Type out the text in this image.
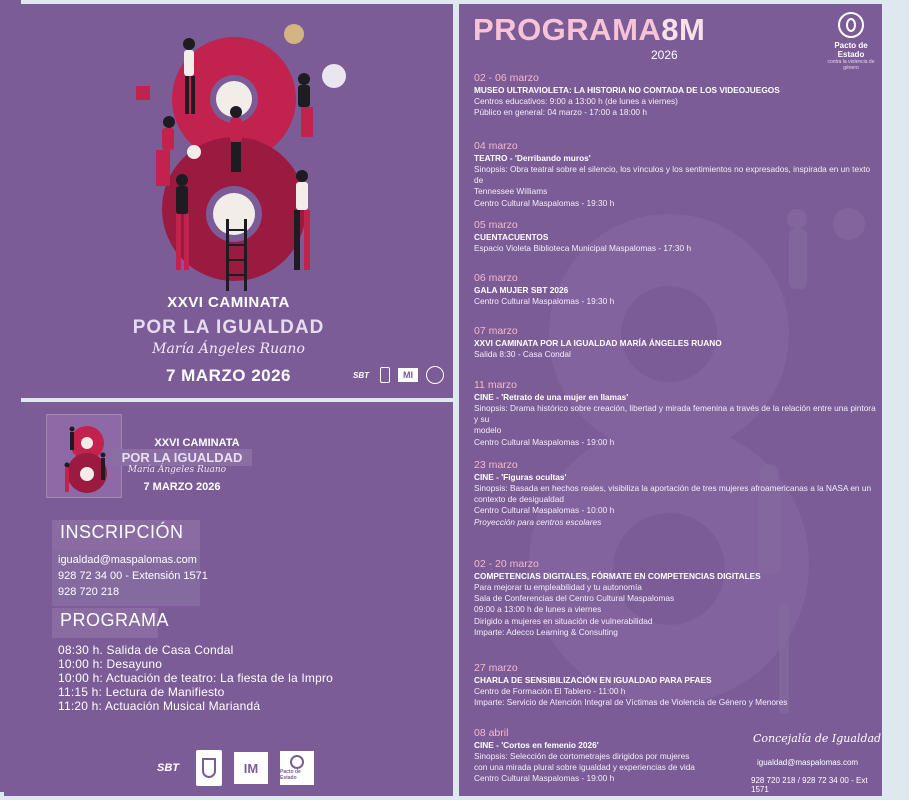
XXVI CAMINATA
POR LA IGUALDAD
María Ángeles Ruano
7 MARZO 2026	SBT	MI
XXVI CAMINATA
POR LA IGUALDAD
María Ángeles Ruano
7 MARZO 2026
INSCRIPCIÓN
igualdad@maspalomas.com
928 72 34 00 - Extensión 1571
928 720 218
PROGRAMA
08:30 h. Salida de Casa Condal
10:00 h: Desayuno
10:00 h: Actuación de teatro: La fiesta de la Impro
11:15 h: Lectura de Manifiesto
11:20 h: Actuación Musical Mariandá
SBT	IM	Pacto de Estado
PROGRAMA8M
2026
Pacto de Estado
contra la violencia de género
02 - 06 marzo
MUSEO ULTRAVIOLETA: LA HISTORIA NO CONTADA DE LOS VIDEOJUEGOS
Centros educativos: 9:00 a 13:00 h (de lunes a viernes)
Público en general: 04 marzo - 17:00 a 18:00 h
04 marzo
TEATRO - 'Derribando muros'
Sinopsis: Obra teatral sobre el silencio, los vínculos y los sentimientos no expresados, inspirada en un texto de
Tennessee Williams
Centro Cultural Maspalomas - 19:30 h
05 marzo
CUENTACUENTOS
Espacio Violeta Biblioteca Municipal Maspalomas - 17:30 h
06 marzo
GALA MUJER SBT 2026
Centro Cultural Maspalomas - 19:30 h
07 marzo
XXVI CAMINATA POR LA IGUALDAD MARÍA ÁNGELES RUANO
Salida 8:30 - Casa Condal
11 marzo
CINE - 'Retrato de una mujer en llamas'
Sinopsis: Drama histórico sobre creación, libertad y mirada femenina a través de la relación entre una pintora y su
modelo
Centro Cultural Maspalomas - 19:00 h
23 marzo
CINE - 'Figuras ocultas'
Sinopsis: Basada en hechos reales, visibiliza la aportación de tres mujeres afroamericanas a la NASA en un
contexto de desigualdad
Centro Cultural Maspalomas - 10:00 h
Proyección para centros escolares
02 - 20 marzo
COMPETENCIAS DIGITALES, FÓRMATE EN COMPETENCIAS DIGITALES
Para mejorar tu empleabilidad y tu autonomía
Sala de Conferencias del Centro Cultural Maspalomas
09:00 a 13:00 h de lunes a viernes
Dirigido a mujeres en situación de vulnerabilidad
Imparte: Adecco Learning & Consulting
27 marzo
CHARLA DE SENSIBILIZACIÓN EN IGUALDAD PARA PFAES
Centro de Formación El Tablero - 11:00 h
Imparte: Servicio de Atención Integral de Víctimas de Violencia de Género y Menores
08 abril
CINE - 'Cortos en femenio 2026'
Sinopsis: Selección de cortometrajes dirigidos por mujeres
con una mirada plural sobre igualdad y experiencias de vida
Centro Cultural Maspalomas - 19:00 h
Concejalía de Igualdad
igualdad@maspalomas.com
928 720 218 / 928 72 34 00 - Ext 1571
